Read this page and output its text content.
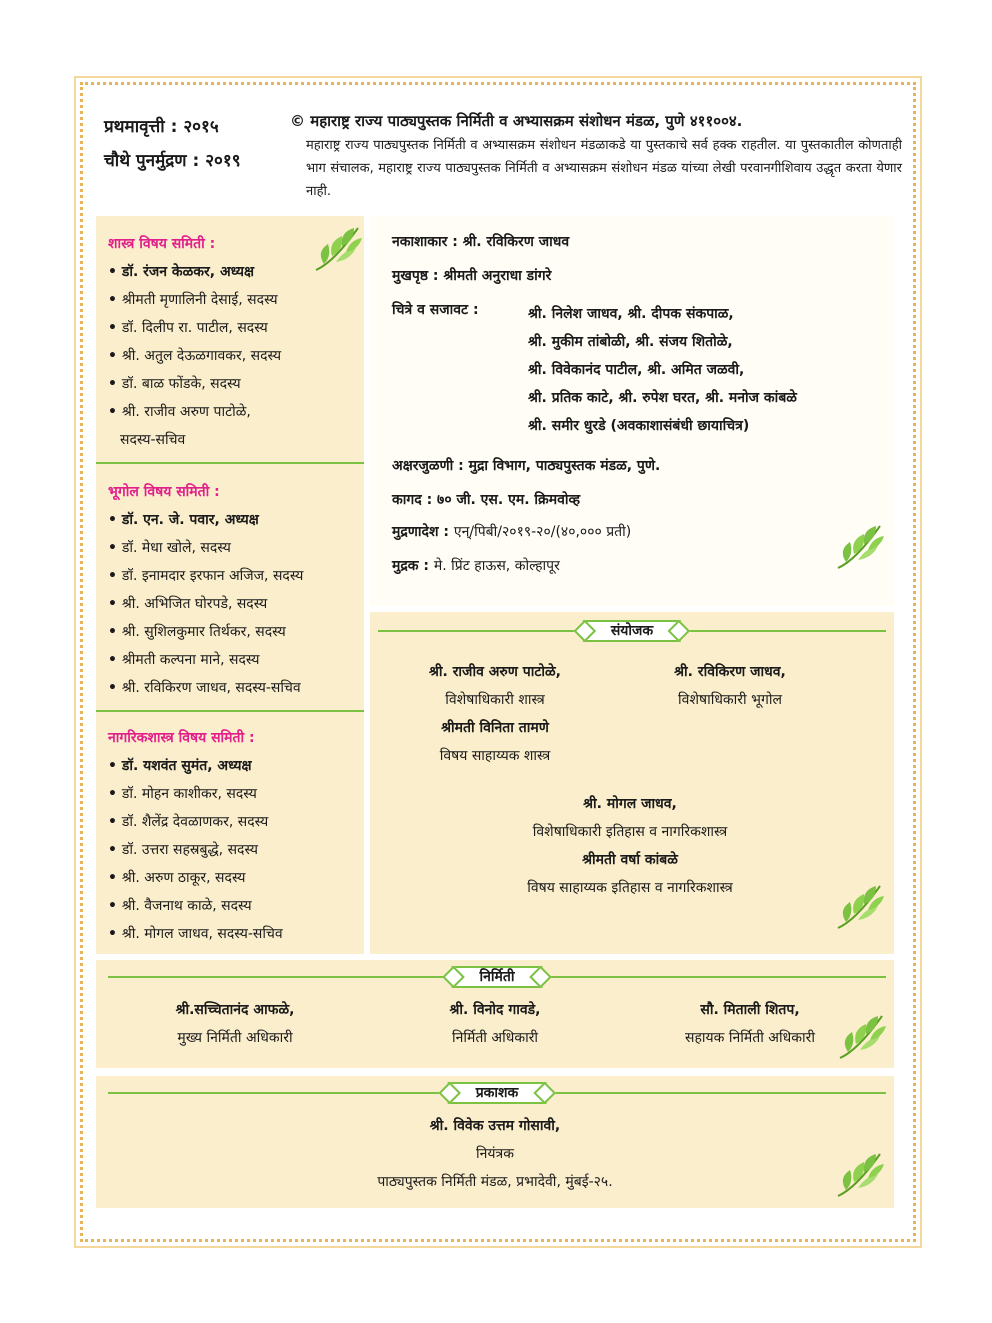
प्रथमावृत्ती : २०१५
चौथे पुनर्मुद्रण : २०१९
© महाराष्ट्र राज्य पाठ्यपुस्तक निर्मिती व अभ्यासक्रम संशोधन मंडळ, पुणे ४११००४.
महाराष्ट्र राज्य पाठ्यपुस्तक निर्मिती व अभ्यासक्रम संशोधन मंडळाकडे या पुस्तकाचे सर्व हक्क राहतील. या पुस्तकातील कोणताही भाग संचालक, महाराष्ट्र राज्य पाठ्यपुस्तक निर्मिती व अभ्यासक्रम संशोधन मंडळ यांच्या लेखी परवानगीशिवाय उद्धृत करता येणार नाही.
शास्त्र विषय समिती :
• डॉ. रंजन केळकर, अध्यक्ष
• श्रीमती मृणालिनी देसाई, सदस्य
• डॉ. दिलीप रा. पाटील, सदस्य
• श्री. अतुल देऊळगावकर, सदस्य
• डॉ. बाळ फोंडके, सदस्य
• श्री. राजीव अरुण पाटोळे,
सदस्य-सचिव
भूगोल विषय समिती :
• डॉ. एन. जे. पवार, अध्यक्ष
• डॉ. मेधा खोले, सदस्य
• डॉ. इनामदार इरफान अजिज, सदस्य
• श्री. अभिजित घोरपडे, सदस्य
• श्री. सुशिलकुमार तिर्थकर, सदस्य
• श्रीमती कल्पना माने, सदस्य
• श्री. रविकिरण जाधव, सदस्य-सचिव
नागरिकशास्त्र विषय समिती :
• डॉ. यशवंत सुमंत, अध्यक्ष
• डॉ. मोहन काशीकर, सदस्य
• डॉ. शैलेंद्र देवळाणकर, सदस्य
• डॉ. उत्तरा सहस्रबुद्धे, सदस्य
• श्री. अरुण ठाकूर, सदस्य
• श्री. वैजनाथ काळे, सदस्य
• श्री. मोगल जाधव, सदस्य-सचिव
नकाशाकार : श्री. रविकिरण जाधव
मुखपृष्ठ : श्रीमती अनुराधा डांगरे
चित्रे व सजावट :	श्री. निलेश जाधव, श्री. दीपक संकपाळ,
श्री. मुकीम तांबोळी, श्री. संजय शितोळे,
श्री. विवेकानंद पाटील, श्री. अमित जळवी,
श्री. प्रतिक काटे, श्री. रुपेश घरत, श्री. मनोज कांबळे
श्री. समीर धुरडे (अवकाशासंबंधी छायाचित्र)
अक्षरजुळणी : मुद्रा विभाग, पाठ्यपुस्तक मंडळ, पुणे.
कागद : ७० जी. एस. एम. क्रिमवोव्ह
मुद्रणादेश : एन्/पिबी/२०१९-२०/(४०,००० प्रती)
मुद्रक : मे. प्रिंट हाऊस, कोल्हापूर
संयोजक
श्री. राजीव अरुण पाटोळे,
विशेषाधिकारी शास्त्र
श्रीमती विनिता तामणे
विषय साहाय्यक शास्त्र
श्री. रविकिरण जाधव,
विशेषाधिकारी भूगोल
श्री. मोगल जाधव,
विशेषाधिकारी इतिहास व नागरिकशास्त्र
श्रीमती वर्षा कांबळे
विषय साहाय्यक इतिहास व नागरिकशास्त्र
निर्मिती
श्री.सच्चितानंद आफळे,
मुख्य निर्मिती अधिकारी
श्री. विनोद गावडे,
निर्मिती अधिकारी
सौ. मिताली शितप,
सहायक निर्मिती अधिकारी
प्रकाशक
श्री. विवेक उत्तम गोसावी,
नियंत्रक
पाठ्यपुस्तक निर्मिती मंडळ, प्रभादेवी, मुंबई-२५.
